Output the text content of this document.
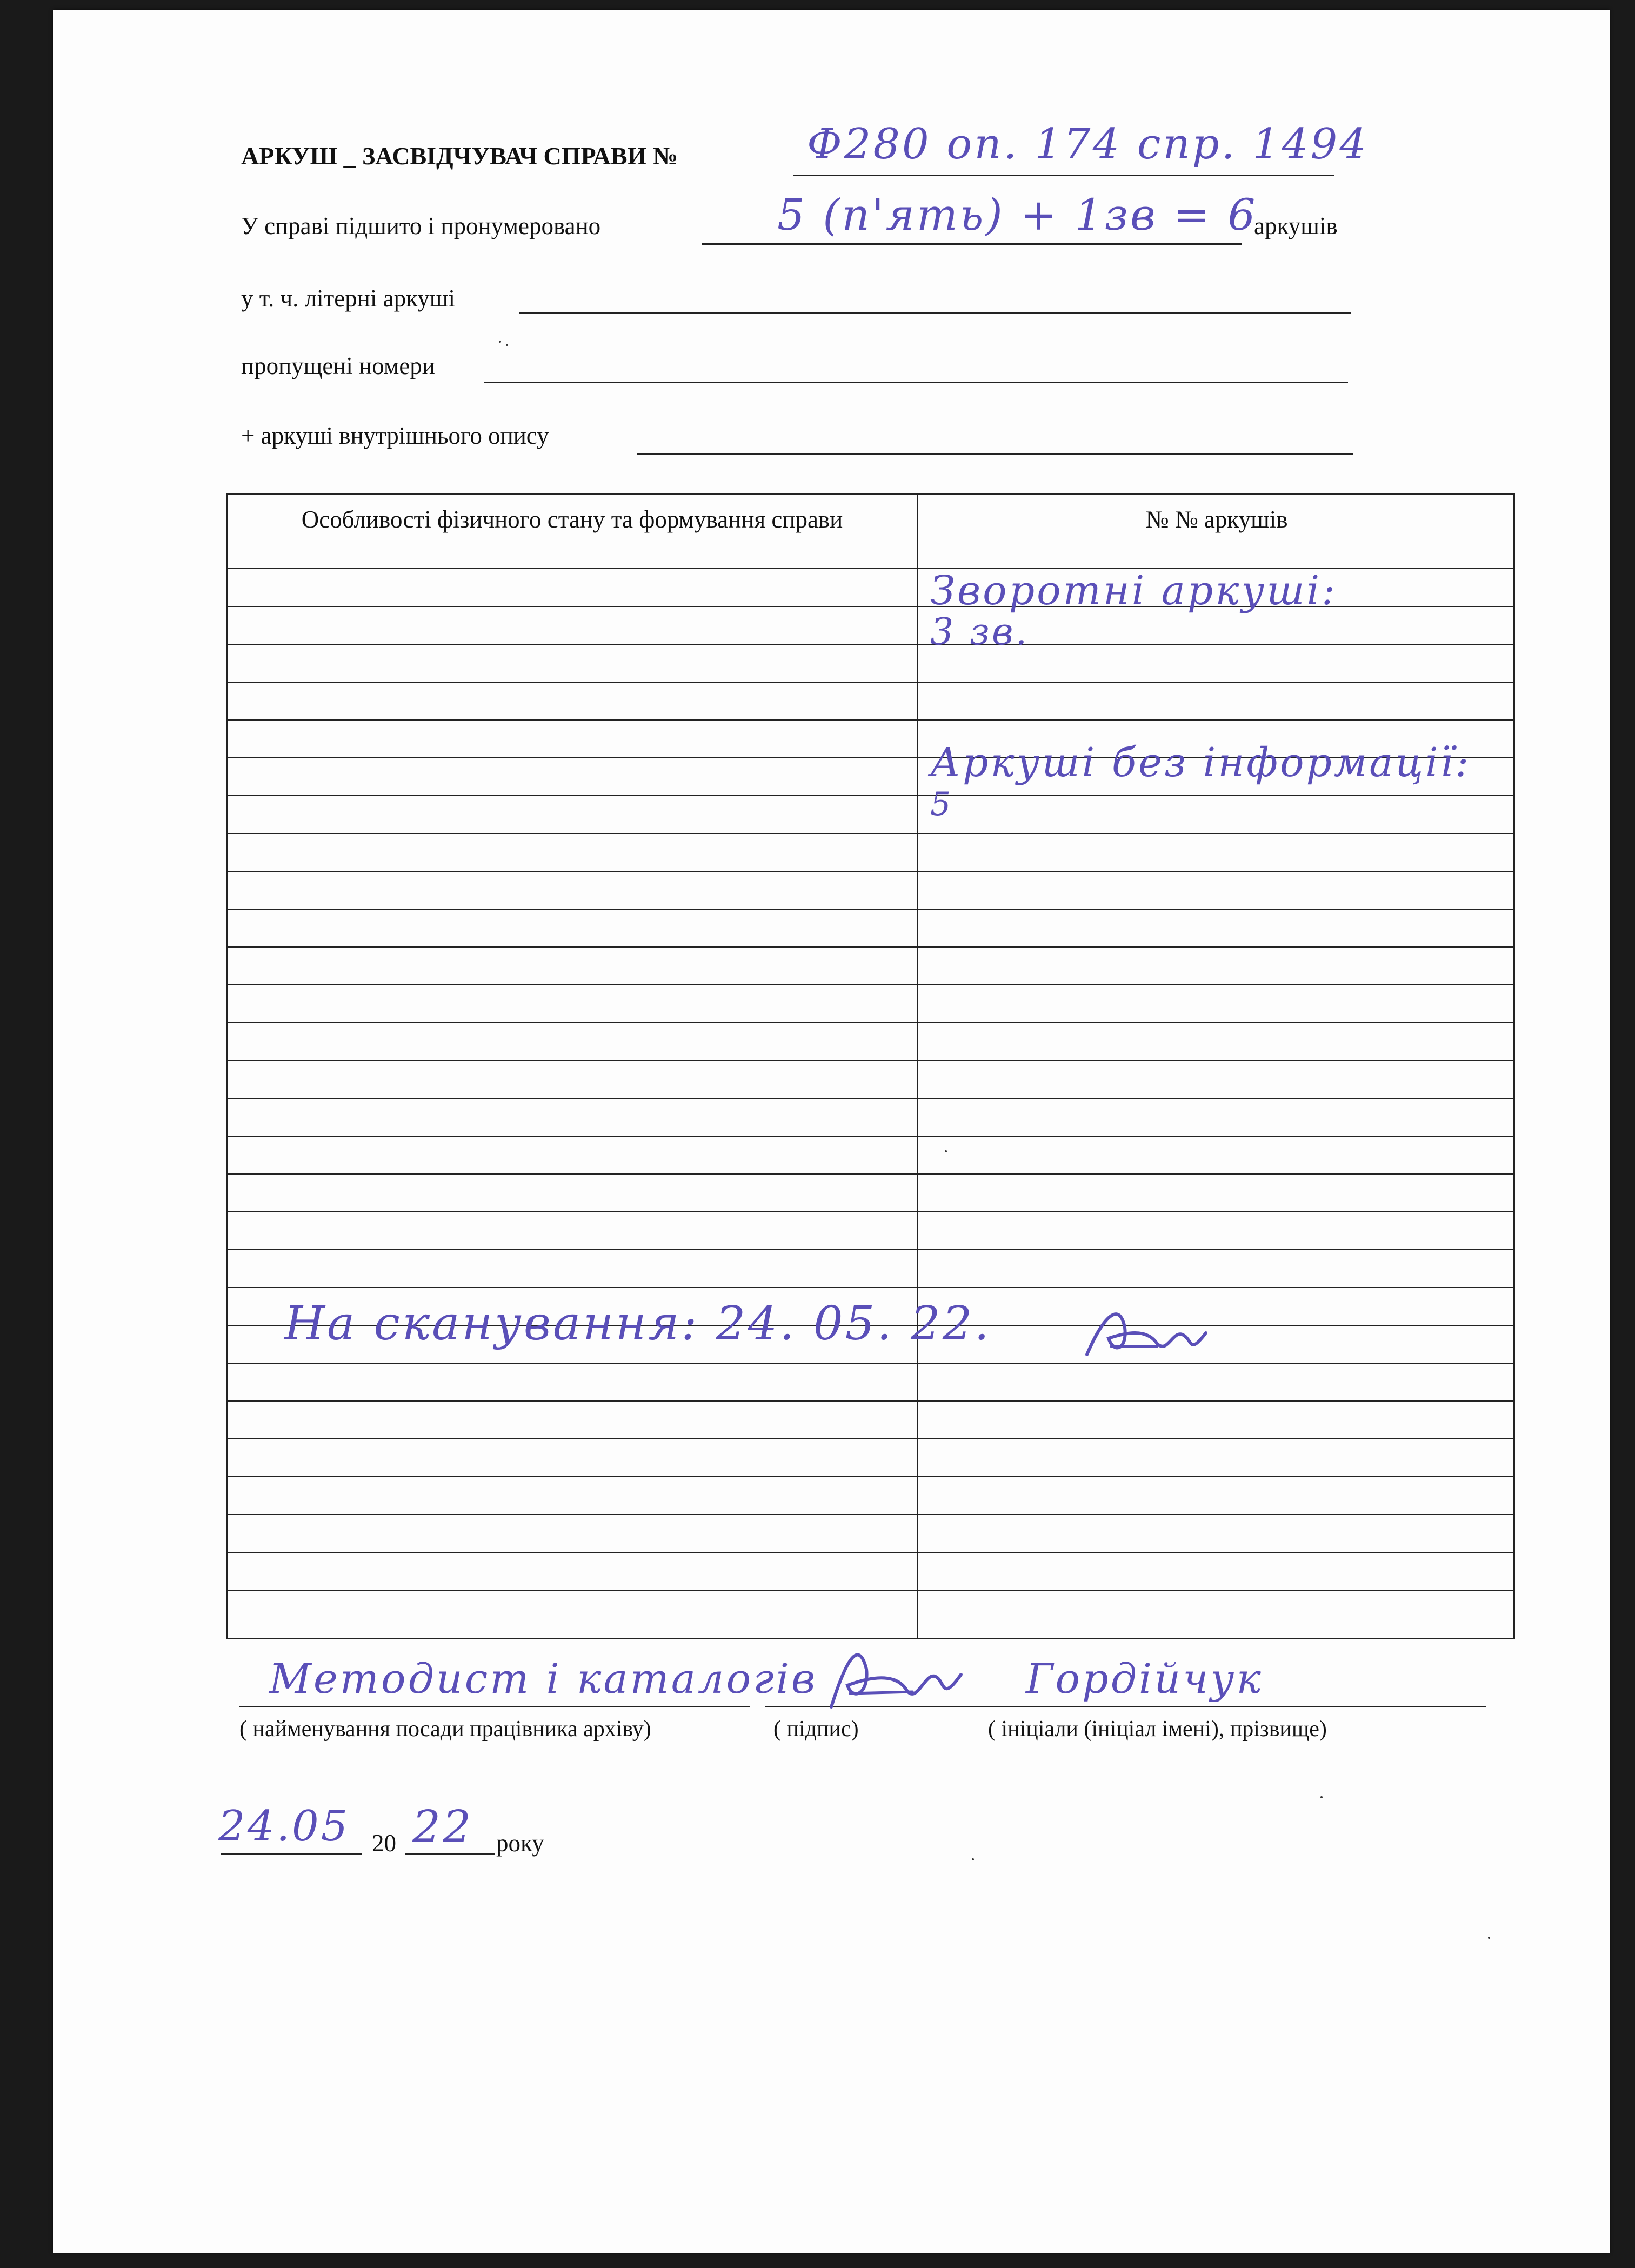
АРКУШ _ ЗАСВІДЧУВАЧ СПРАВИ №	Ф280 оп. 174 спр. 1494
У справі підшито і пронумеровано	5 (п'ять) + 1зв = 6
аркушів
у т. ч. літерні аркуші
пропущені номери
+ аркуші внутрішнього опису
Особливості фізичного стану та формування справи	№ № аркушів
Зворотні аркуші:
3 зв.
Аркуші без інформації:
5
На сканування: 24. 05. 22.
Методист і каталогів
( найменування посади працівника архіву)	( підпис)
Гордійчук
( ініціали (ініціал імені), прізвище)
24.05 20 22 року
